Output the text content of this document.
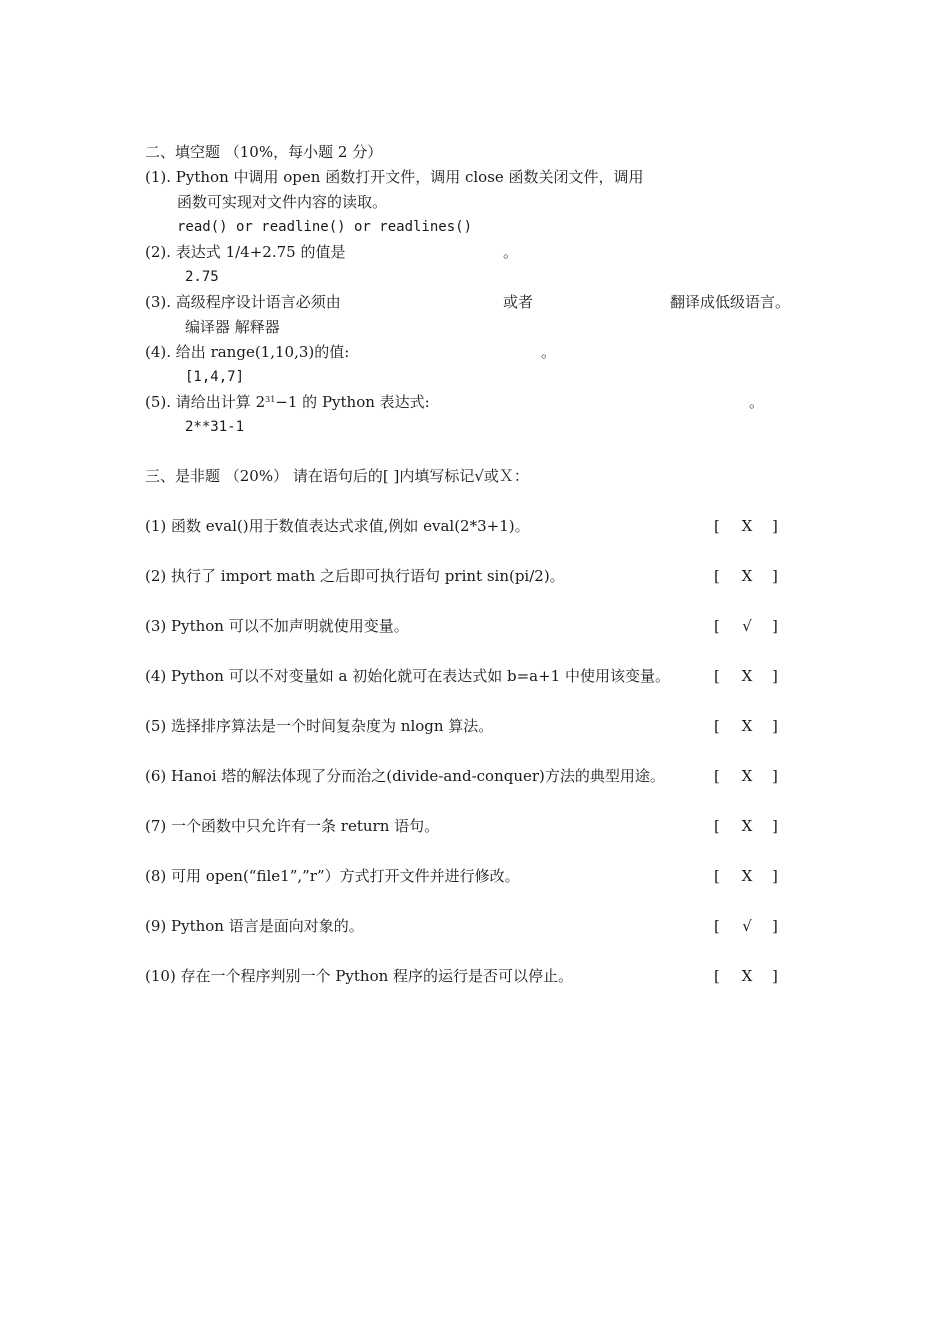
二、填空题 （10%，每小题 2 分）
(1). Python 中调用 open 函数打开文件，调用 close 函数关闭文件，调用
函数可实现对文件内容的读取。
read() or readline() or readlines()
(2). 表达式 1/4+2.75 的值是	。
2.75
(3). 高级程序设计语言必须由	或者	翻译成低级语言。
编译器 解释器
(4). 给出 range(1,10,3)的值:	。
[1,4,7]
(5). 请给出计算 $2^{31}-1$ 的 Python 表达式:	。
2**31-1
三、是非题 （20%） 请在语句后的[ ]内填写标记√或Ｘ：
(1) 函数 eval()用于数值表达式求值,例如 eval(2*3+1)。	[ X ]
(2) 执行了 import math 之后即可执行语句 print sin(pi/2)。	[ X ]
(3) Python 可以不加声明就使用变量。	[ √ ]
(4) Python 可以不对变量如 a 初始化就可在表达式如 b=a+1 中使用该变量。	[ X ]
(5) 选择排序算法是一个时间复杂度为 nlogn 算法。	[ X ]
(6) Hanoi 塔的解法体现了分而治之(divide-and-conquer)方法的典型用途。	[ X ]
(7) 一个函数中只允许有一条 return 语句。	[ X ]
(8) 可用 open(“file1”,”r”）方式打开文件并进行修改。	[ X ]
(9) Python 语言是面向对象的。	[ √ ]
(10) 存在一个程序判别一个 Python 程序的运行是否可以停止。	[ X ]
